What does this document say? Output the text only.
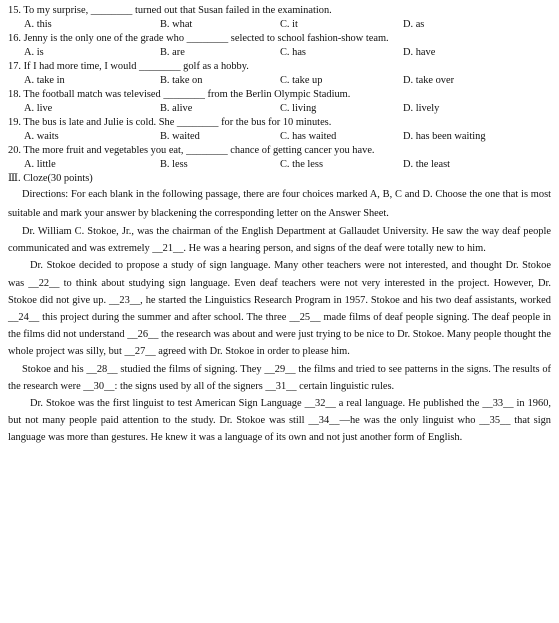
15. To my surprise, ________ turned out that Susan failed in the examination.
A. this	B. what	C. it	D. as
16. Jenny is the only one of the grade who ________ selected to school fashion-show team.
A. is	B. are	C. has	D. have
17. If I had more time, I would ________ golf as a hobby.
A. take in	B. take on	C. take up	D. take over
18. The football match was televised ________ from the Berlin Olympic Stadium.
A. live	B. alive	C. living	D. lively
19. The bus is late and Julie is cold. She ________ for the bus for 10 minutes.
A. waits	B. waited	C. has waited	D. has been waiting
20. The more fruit and vegetables you eat, ________ chance of getting cancer you have.
A. little	B. less	C. the less	D. the least
Ⅲ. Cloze(30 points)
Directions: For each blank in the following passage, there are four choices marked A, B, C and D. Choose the one that is most suitable and mark your answer by blackening the corresponding letter on the Answer Sheet.
Dr. William C. Stokoe, Jr., was the chairman of the English Department at Gallaudet University. He saw the way deaf people communicated and was extremely __21__. He was a hearing person, and signs of the deaf were totally new to him.
Dr. Stokoe decided to propose a study of sign language. Many other teachers were not interested, and thought Dr. Stokoe was __22__ to think about studying sign language. Even deaf teachers were not very interested in the project. However, Dr. Stokoe did not give up. __23__, he started the Linguistics Research Program in 1957. Stokoe and his two deaf assistants, worked __24__ this project during the summer and after school. The three __25__ made films of deaf people signing. The deaf people in the films did not understand __26__ the research was about and were just trying to be nice to Dr. Stokoe. Many people thought the whole project was silly, but __27__ agreed with Dr. Stokoe in order to please him.
Stokoe and his __28__ studied the films of signing. They __29__ the films and tried to see patterns in the signs. The results of the research were __30__: the signs used by all of the signers __31__ certain linguistic rules.
Dr. Stokoe was the first linguist to test American Sign Language __32__ a real language. He published the __33__ in 1960, but not many people paid attention to the study. Dr. Stokoe was still __34__—he was the only linguist who __35__ that sign language was more than gestures. He knew it was a language of its own and not just another form of English.
